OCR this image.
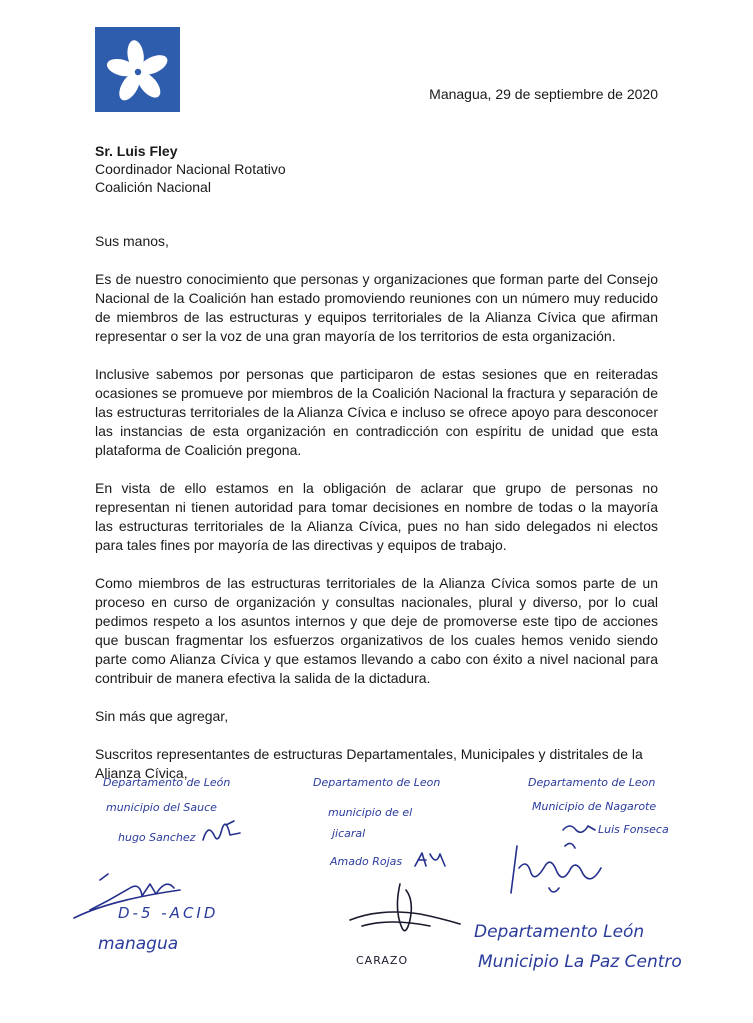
Managua, 29 de septiembre de 2020
Sr. Luis Fley
Coordinador Nacional Rotativo
Coalición Nacional

Sus manos,

Es de nuestro conocimiento que personas y organizaciones que forman parte del Consejo Nacional de la Coalición han estado promoviendo reuniones con un número muy reducido de miembros de las estructuras y equipos territoriales de la Alianza Cívica que afirman representar o ser la voz de una gran mayoría de los territorios de esta organización.

Inclusive sabemos por personas que participaron de estas sesiones que en reiteradas ocasiones se promueve por miembros de la Coalición Nacional la fractura y separación de las estructuras territoriales de la Alianza Cívica e incluso se ofrece apoyo para desconocer las instancias de esta organización en contradicción con espíritu de unidad que esta plataforma de Coalición pregona.

En vista de ello estamos en la obligación de aclarar que grupo de personas no representan ni tienen autoridad para tomar decisiones en nombre de todas o la mayoría las estructuras territoriales de la Alianza Cívica, pues no han sido delegados ni electos para tales fines por mayoría de las directivas y equipos de trabajo.

Como miembros de las estructuras territoriales de la Alianza Cívica somos parte de un proceso en curso de organización y consultas nacionales, plural y diverso, por lo cual pedimos respeto a los asuntos internos y que deje de promoverse este tipo de acciones que buscan fragmentar los esfuerzos organizativos de los cuales hemos venido siendo parte como Alianza Cívica y que estamos llevando a cabo con éxito a nivel nacional para contribuir de manera efectiva la salida de la dictadura.

Sin más que agregar,

Suscritos representantes de estructuras Departamentales, Municipales y distritales de la Alianza Cívica,

Departamento de León
municipio del Sauce
hugo Sanchez
Departamento de Leon
municipio de el
jicaral
Amado Rojas
Departamento de Leon
Municipio de Nagarote
Luis Fonseca
D-5 -ACID
managua
CARAZO
Departamento León
Municipio La Paz Centro
